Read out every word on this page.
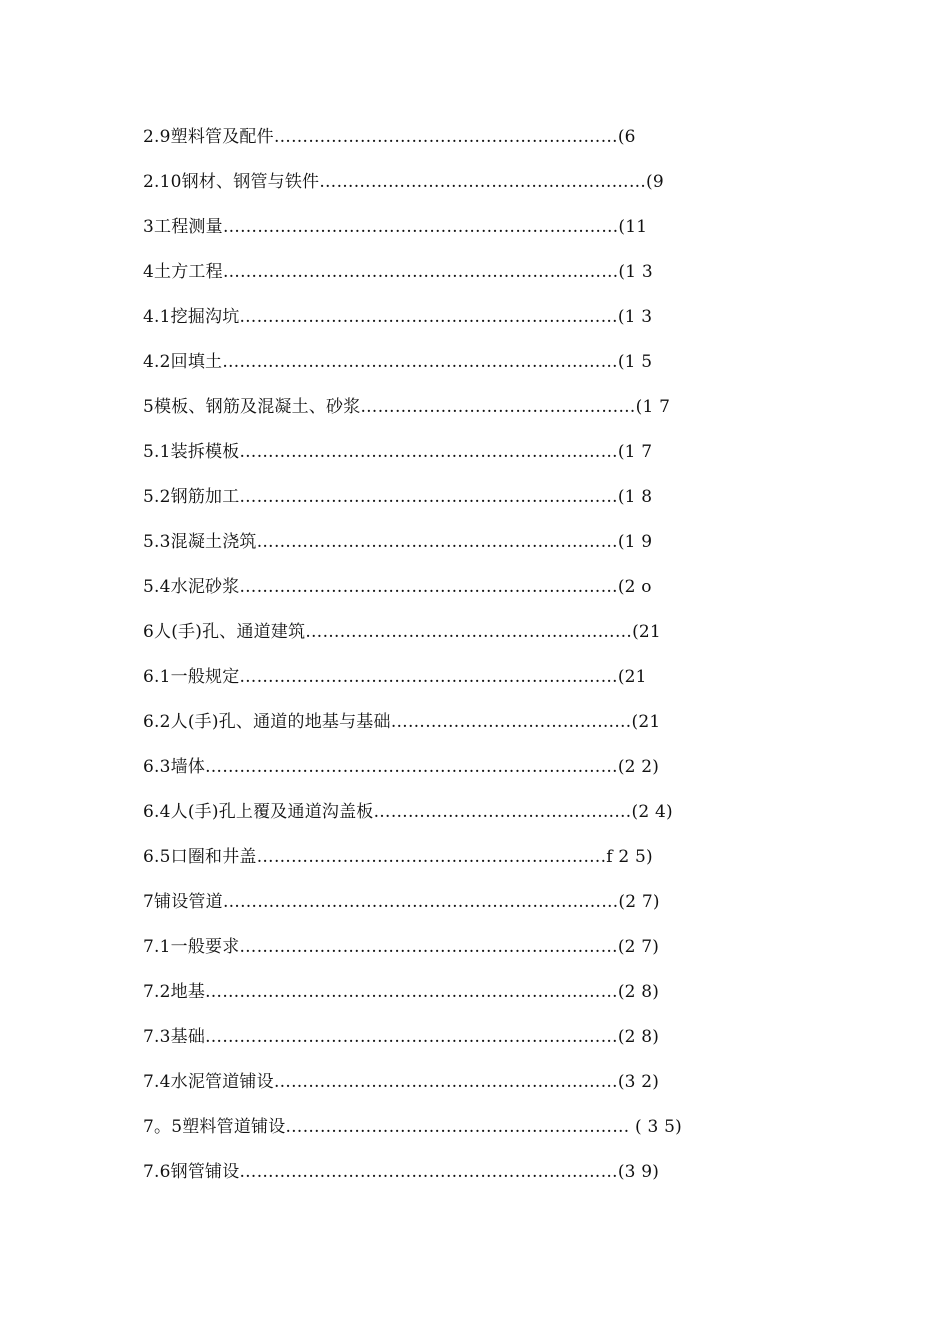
2.9塑料管及配件……………………………………………………(6
2.10钢材、钢管与铁件…………………………………………………(9
3工程测量……………………………………………………………(11
4土方工程……………………………………………………………(1 3
4.1挖掘沟坑…………………………………………………………(1 3
4.2回填土……………………………………………………………(1 5
5模板、钢筋及混凝土、砂浆…………………………………………(1 7
5.1装拆模板…………………………………………………………(1 7
5.2钢筋加工…………………………………………………………(1 8
5.3混凝土浇筑………………………………………………………(1 9
5.4水泥砂浆…………………………………………………………(2 o
6人(手)孔、通道建筑…………………………………………………(21
6.1一般规定…………………………………………………………(21
6.2人(手)孔、通道的地基与基础……………………………………(21
6.3墙体………………………………………………………………(2 2)
6.4人(手)孔上覆及通道沟盖板………………………………………(2 4)
6.5口圈和井盖…………………………………………………….f 2 5)
7铺设管道……………………………………………………………(2 7)
7.1一般要求…………………………………………………………(2 7)
7.2地基………………………………………………………………(2 8)
7.3基础………………………………………………………………(2 8)
7.4水泥管道铺设……………………………………………………(3 2)
7。5塑料管道铺设…………………………………………………… ( 3 5)
7.6钢管铺设…………………………………………………………(3 9)
